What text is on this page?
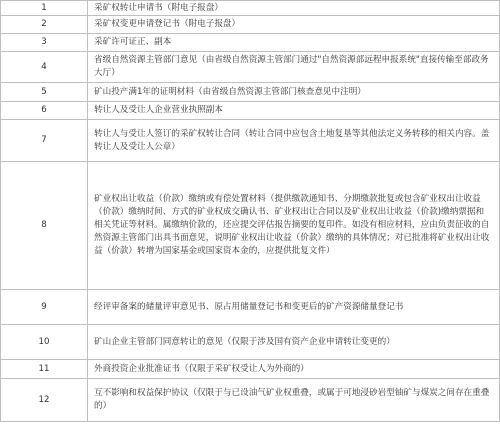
1	采矿权转让申请书（附电子报盘）
2	采矿权变更申请登记书（附电子报盘）
3	采矿许可证正、副本
4	省级自然资源主管部门意见（由省级自然资源主管部门通过"自然资源部远程申报系统"直接传输至部政务大厅）
5	矿山投产满1年的证明材料（由省级自然资源主管部门核查意见中注明）
6	转让人及受让人企业营业执照副本
7	转让人与受让人签订的采矿权转让合同（转让合同中应包含土地复垦等其他法定义务转移的相关内容。盖转让人及受让人公章）
8	矿业权出让收益（价款）缴纳或有偿处置材料（提供缴款通知书、分期缴款批复或包含矿业权出让收益（价款）缴纳时间、方式的矿业权成交确认书、矿业权出让合同以及矿业权出让收益（价款)缴纳票据和相关凭证等材料。属缴纳价款的，还应提交评估报告摘要的复印件。如没有相应材料，应由负责征收的自然资源主管部门出具书面意见，说明矿业权出让收益（价款）缴纳的具体情况；对已批准将矿业权出让收益（价款）转增为国家基金或国家资本金的，应提供批复文件）
9	经评审备案的储量评审意见书、原占用储量登记书和变更后的矿产资源储量登记书
10	矿山企业主管部门同意转让的意见（仅限于涉及国有资产企业申请转让变更的）
11	外商投资企业批准证书（仅限于采矿权受让人为外商的）
12	互不影响和权益保护协议（仅限于与已设油气矿业权重叠，或属于可地浸砂岩型铀矿与煤炭之间存在重叠的）
